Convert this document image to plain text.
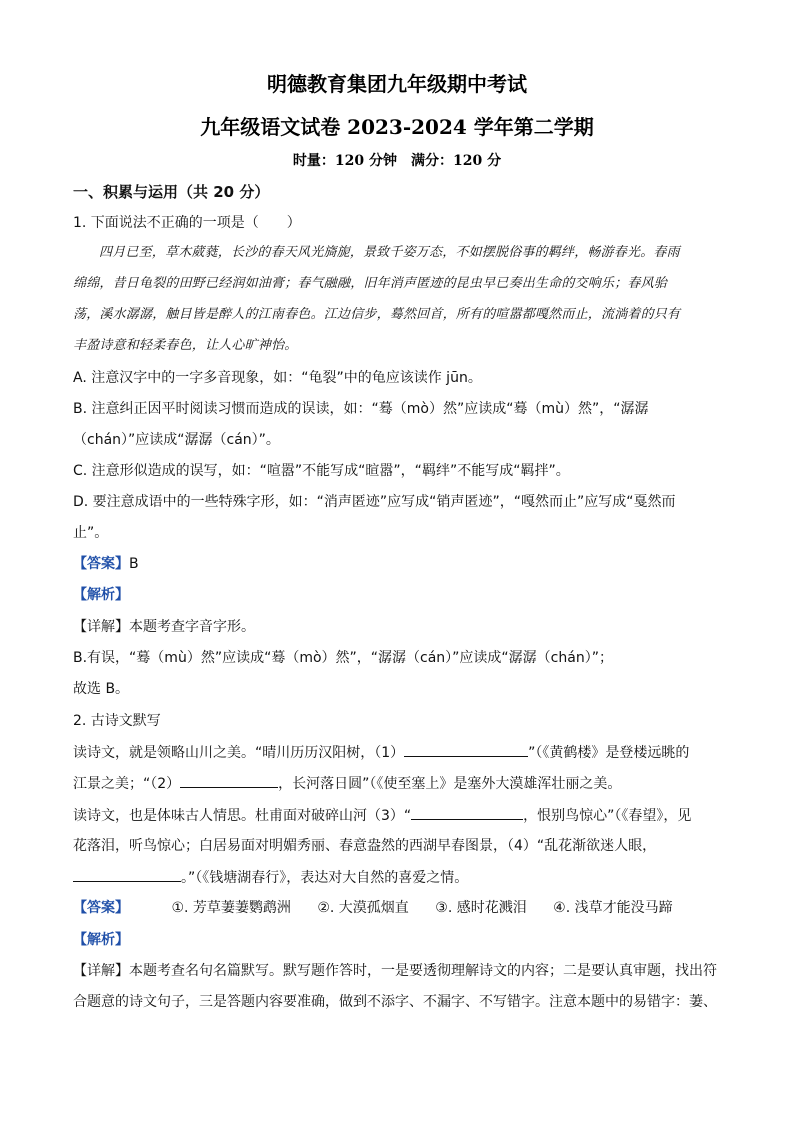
明德教育集团九年级期中考试
九年级语文试卷 2023-2024 学年第二学期
时量：120 分钟　满分：120 分
一、积累与运用（共 20 分）
1. 下面说法不正确的一项是（　　）
四月已至，草木葳蕤，长沙的春天风光旖旎，景致千姿万态，不如摆脱俗事的羁绊，畅游春光。春雨
绵绵，昔日龟裂的田野已经润如油膏；春气融融，旧年消声匿迹的昆虫早已奏出生命的交响乐；春风骀
荡，溪水潺潺，触目皆是醉人的江南春色。江边信步，蓦然回首，所有的喧嚣都嘎然而止，流淌着的只有
丰盈诗意和轻柔春色，让人心旷神怡。
A. 注意汉字中的一字多音现象，如：“龟裂”中的龟应该读作 jūn。
B. 注意纠正因平时阅读习惯而造成的误读，如：“蓦（mò）然”应读成“蓦（mù）然”，“潺潺
（chán）”应读成“潺潺（cán）”。
C. 注意形似造成的误写，如：“喧嚣”不能写成“暄嚣”，“羁绊”不能写成“羁拌”。
D. 要注意成语中的一些特殊字形，如：“消声匿迹”应写成“销声匿迹”，“嘎然而止”应写成“戛然而
止”。
【答案】B
【解析】
【详解】本题考查字音字形。
B.有误，“蓦（mù）然”应读成“蓦（mò）然”，“潺潺（cán）”应读成“潺潺（chán）”；
故选 B。
2. 古诗文默写
读诗文，就是领略山川之美。“晴川历历汉阳树，（1）	”（《黄鹤楼》是登楼远眺的
江景之美；“（2）	，长河落日圆”（《使至塞上》是塞外大漠雄浑壮丽之美。
读诗文，也是体味古人情思。杜甫面对破碎山河（3）“	，恨别鸟惊心”（《春望》，见
花落泪，听鸟惊心；白居易面对明媚秀丽、春意盎然的西湖早春图景，（4）“乱花渐欲迷人眼，
。”（《钱塘湖春行》，表达对大自然的喜爱之情。
【答案】	①. 芳草萋萋鹦鹉洲 ②. 大漠孤烟直 ③. 感时花溅泪 ④. 浅草才能没马蹄
【解析】
【详解】本题考查名句名篇默写。默写题作答时，一是要透彻理解诗文的内容；二是要认真审题，找出符
合题意的诗文句子，三是答题内容要准确，做到不添字、不漏字、不写错字。注意本题中的易错字：萋、
